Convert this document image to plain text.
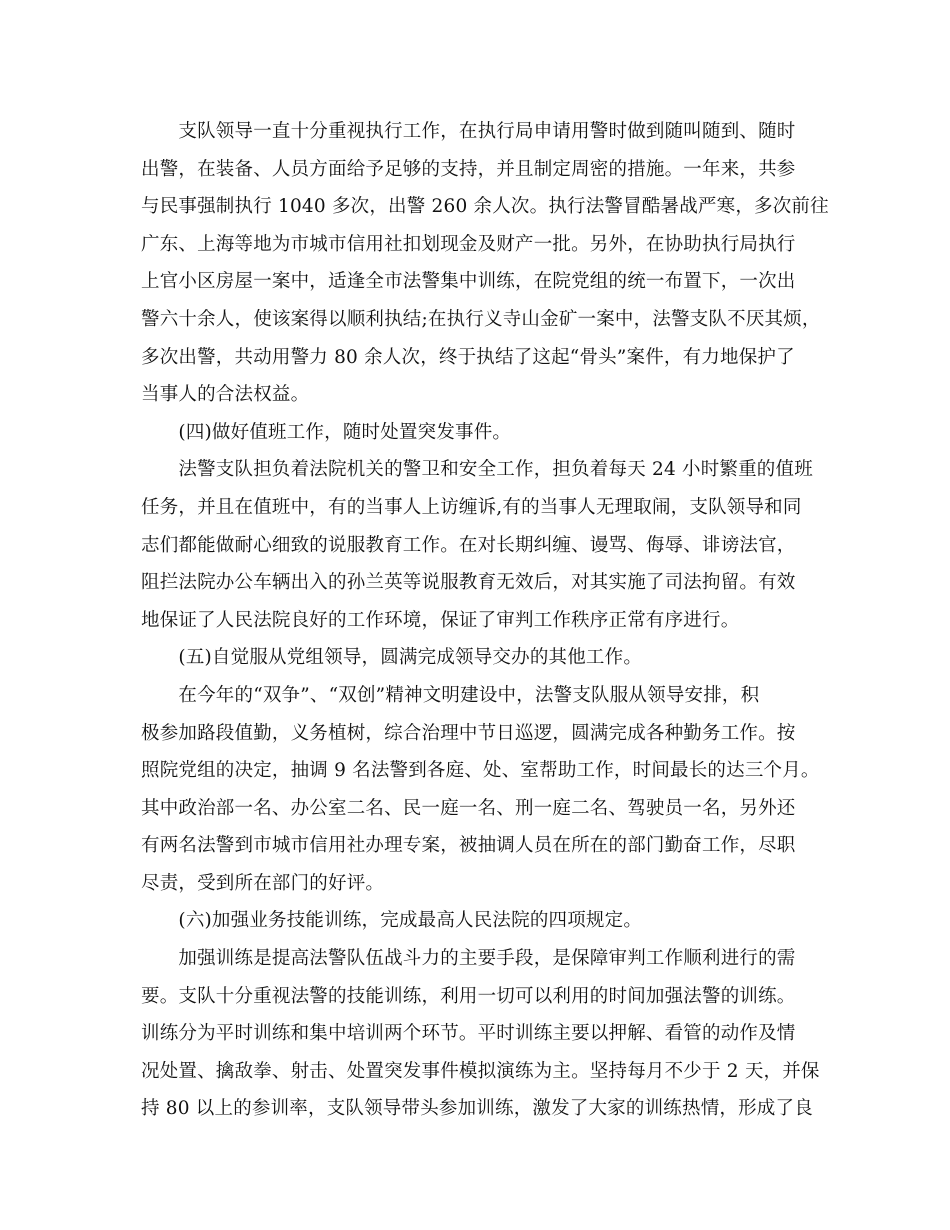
　　支队领导一直十分重视执行工作，在执行局申请用警时做到随叫随到、随时
出警，在装备、人员方面给予足够的支持，并且制定周密的措施。一年来，共参
与民事强制执行 1040 多次，出警 260 余人次。执行法警冒酷暑战严寒，多次前往
广东、上海等地为市城市信用社扣划现金及财产一批。另外，在协助执行局执行
上官小区房屋一案中，适逢全市法警集中训练，在院党组的统一布置下，一次出
警六十余人，使该案得以顺利执结;在执行义寺山金矿一案中，法警支队不厌其烦，
多次出警，共动用警力 80 余人次，终于执结了这起“骨头”案件，有力地保护了
当事人的合法权益。
　　(四)做好值班工作，随时处置突发事件。
　　法警支队担负着法院机关的警卫和安全工作，担负着每天 24 小时繁重的值班
任务，并且在值班中，有的当事人上访缠诉,有的当事人无理取闹，支队领导和同
志们都能做耐心细致的说服教育工作。在对长期纠缠、谩骂、侮辱、诽谤法官，
阻拦法院办公车辆出入的孙兰英等说服教育无效后，对其实施了司法拘留。有效
地保证了人民法院良好的工作环境，保证了审判工作秩序正常有序进行。
　　(五)自觉服从党组领导，圆满完成领导交办的其他工作。
　　在今年的“双争”、“双创”精神文明建设中，法警支队服从领导安排，积
极参加路段值勤，义务植树，综合治理中节日巡逻，圆满完成各种勤务工作。按
照院党组的决定，抽调 9 名法警到各庭、处、室帮助工作，时间最长的达三个月。
其中政治部一名、办公室二名、民一庭一名、刑一庭二名、驾驶员一名，另外还
有两名法警到市城市信用社办理专案，被抽调人员在所在的部门勤奋工作，尽职
尽责，受到所在部门的好评。
　　(六)加强业务技能训练，完成最高人民法院的四项规定。
　　加强训练是提高法警队伍战斗力的主要手段，是保障审判工作顺利进行的需
要。支队十分重视法警的技能训练，利用一切可以利用的时间加强法警的训练。
训练分为平时训练和集中培训两个环节。平时训练主要以押解、看管的动作及情
况处置、擒敌拳、射击、处置突发事件模拟演练为主。坚持每月不少于 2 天，并保
持 80 以上的参训率，支队领导带头参加训练，激发了大家的训练热情，形成了良
